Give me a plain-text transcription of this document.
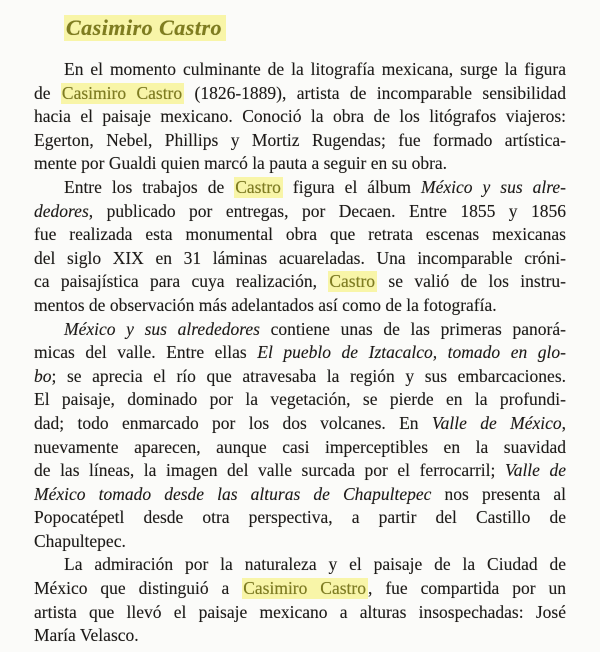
Casimiro Castro
En el momento culminante de la litografía mexicana, surge la figura
de Casimiro Castro (1826-1889), artista de incomparable sensibilidad
hacia el paisaje mexicano. Conoció la obra de los litógrafos viajeros:
Egerton, Nebel, Phillips y Mortiz Rugendas; fue formado artística-
mente por Gualdi quien marcó la pauta a seguir en su obra.
Entre los trabajos de Castro figura el álbum México y sus alre-
dedores, publicado por entregas, por Decaen. Entre 1855 y 1856
fue realizada esta monumental obra que retrata escenas mexicanas
del siglo XIX en 31 láminas acuareladas. Una incomparable cróni-
ca paisajística para cuya realización, Castro se valió de los instru-
mentos de observación más adelantados así como de la fotografía.
México y sus alrededores contiene unas de las primeras panorá-
micas del valle. Entre ellas El pueblo de Iztacalco, tomado en glo-
bo; se aprecia el río que atravesaba la región y sus embarcaciones.
El paisaje, dominado por la vegetación, se pierde en la profundi-
dad; todo enmarcado por los dos volcanes. En Valle de México,
nuevamente aparecen, aunque casi imperceptibles en la suavidad
de las líneas, la imagen del valle surcada por el ferrocarril; Valle de
México tomado desde las alturas de Chapultepec nos presenta al
Popocatépetl desde otra perspectiva, a partir del Castillo de
Chapultepec.
La admiración por la naturaleza y el paisaje de la Ciudad de
México que distinguió a Casimiro Castro , fue compartida por un
artista que llevó el paisaje mexicano a alturas insospechadas: José
María Velasco.
